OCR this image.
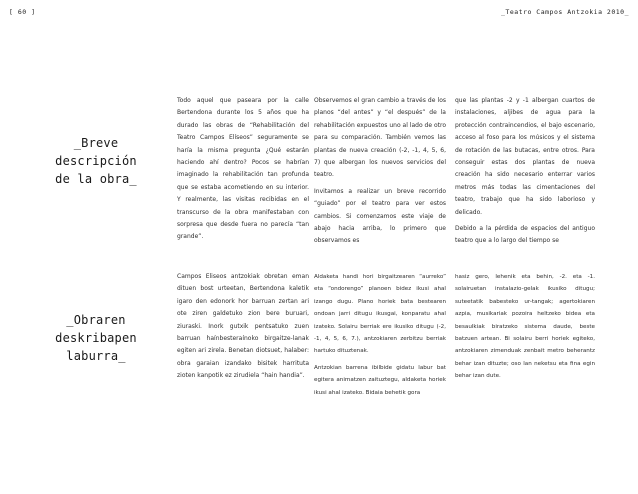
[ 60 ]	_Teatro Campos Antzokia 2010_
_Breve
descripción
de la obra_
Todo aquel que paseara por la calle Bertendona durante los 5 años que ha durado las obras de “Rehabilitación del Teatro Campos Elíseos” seguramente se haría la misma pregunta ¿Qué estarán haciendo ahí dentro? Pocos se habrían imaginado la rehabilitación tan profunda que se estaba acometiendo en su interior. Y realmente, las visitas recibidas en el transcurso de la obra manifestaban con sorpresa que desde fuera no parecía “tan grande”.
Observemos el gran cambio a través de los planos “del antes” y “el después” de la rehabilitación expuestos uno al lado de otro para su comparación. También vemos las plantas de nueva creación (-2, -1, 4, 5, 6, 7) que albergan los nuevos servicios del teatro.
Invitamos a realizar un breve recorrido “guiado” por el teatro para ver estos cambios. Si comenzamos este viaje de abajo hacia arriba, lo primero que observamos es
que las plantas -2 y -1 albergan cuartos de instalaciones, aljibes de agua para la protección contraincendios, el bajo escenario, acceso al foso para los músicos y el sistema de rotación de las butacas, entre otros. Para conseguir estas dos plantas de nueva creación ha sido necesario enterrar varios metros más todas las cimentaciones del teatro, trabajo que ha sido laborioso y delicado.
Debido a la pérdida de espacios del antiguo teatro que a lo largo del tiempo se
_Obraren
deskribapen
laburra_
Campos Eliseos antzokiak obretan eman dituen bost urteetan, Bertendona kaletik igaro den edonork hor barruan zertan ari ote ziren galdetuko zion bere buruari, ziuraski. Inork gutxik pentsatuko zuen barruan haínbesteraínoko birgaitze-lanak egiten ari zirela. Benetan diotsuet, halaber: obra garaian izandako bisitek harrituta zioten kanpotik ez zirudiela “hain handia”.
Aldaketa handi hori birgaitzearen “aurreko” eta “ondorengo” planoen bidez ikusi ahal izango dugu. Plano horiek bata bestearen ondoan jarri ditugu ikusgai, konparatu ahal izateko. Solairu berriak ere ikusiko ditugu (-2, -1, 4, 5, 6, 7.), antzokiaren zerbitzu berriak hartuko dituztenak.
Antzokian barrena ibilbide gidatu labur bat egitera animatzen zaituztegu, aldaketa horiek ikusi ahal izateko. Bidaia behetik gora
hasiz gero, lehenik eta behin, -2. eta -1. solairuetan instalazio-gelak ikusiko ditugu; suteetatik babesteko ur-tangak; agertokiaren azpia, musikariak pozoira heltzeko bidea eta besaulkiak biratzeko sistema daude, beste batzuen artean. Bi solairu berri horiek egiteko, antzokiaren zimenduak zenbait metro beherantz behar izan dituzte; oso lan neketsu eta fina egin behar izan dute.
